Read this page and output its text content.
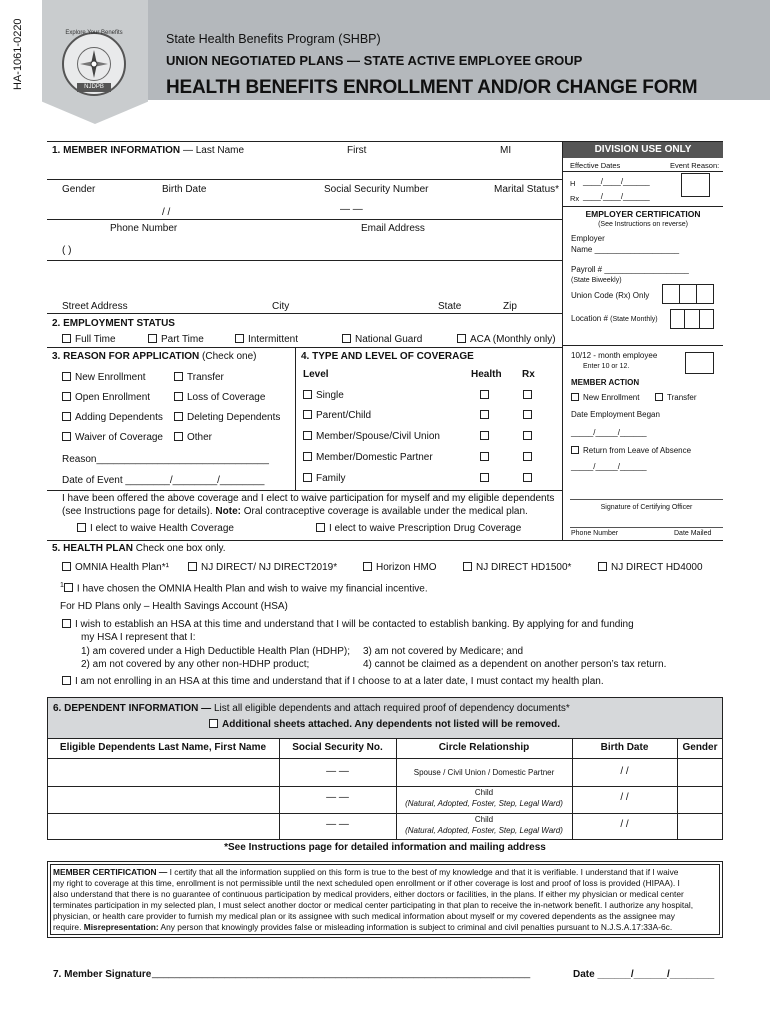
HA-1061-0220	Explore Your Benefits
NJDPB
State Health Benefits Program (SHBP)
UNION NEGOTIATED PLANS — STATE ACTIVE EMPLOYEE GROUP
HEALTH BENEFITS ENROLLMENT AND/OR CHANGE FORM
1. MEMBER INFORMATION — Last Name	First	MI
Gender	Birth Date	Social Security Number	Marital Status*
/ /	— —
Phone Number	Email Address
( )
Street Address	City	State	Zip
2. EMPLOYMENT STATUS
Full Time	Part Time	Intermittent	National Guard	ACA (Monthly only)
3. REASON FOR APPLICATION (Check one)
New Enrollment
Open Enrollment
Adding Dependents
Waiver of Coverage
Transfer
Loss of Coverage
Deleting Dependents
Other
Reason_______________________________
Date of Event ________/________/________
4. TYPE AND LEVEL OF COVERAGE
Level	Health Rx
Single
Parent/Child
Member/Spouse/Civil Union
Member/Domestic Partner
Family
I have been offered the above coverage and I elect to waive participation for myself and my eligible dependents
(see Instructions page for details). Note: Oral contraceptive coverage is available under the medical plan.
I elect to waive Health Coverage	I elect to waive Prescription Drug Coverage
DIVISION USE ONLY
Effective Dates	Event Reason:
H ____/____/______
Rx ____/____/______
EMPLOYER CERTIFICATION
(See Instructions on reverse)
Employer
Name ___________________
Payroll # ___________________
(State Biweekly)
Union Code (Rx) Only
Location # (State Monthly)
10/12 - month employee
Enter 10 or 12.
MEMBER ACTION
New Enrollment	Transfer
Date Employment Began
_____/_____/______
Return from Leave of Absence
_____/_____/______
Signature of Certifying Officer
Phone Number	Date Mailed
5. HEALTH PLAN Check one box only.
OMNIA Health Plan*¹	NJ DIRECT/ NJ DIRECT2019*	Horizon HMO	NJ DIRECT HD1500*	NJ DIRECT HD4000
$^1$ I have chosen the OMNIA Health Plan and wish to waive my financial incentive.
For HD Plans only – Health Savings Account (HSA)
I wish to establish an HSA at this time and understand that I will be contacted to establish banking. By applying for and funding
my HSA I represent that I:
1) am covered under a High Deductible Health Plan (HDHP); 3) am not covered by Medicare; and
2) am not covered by any other non-HDHP product;	4) cannot be claimed as a dependent on another person’s tax return.
I am not enrolling in an HSA at this time and understand that if I choose to at a later date, I must contact my health plan.
6. DEPENDENT INFORMATION — List all eligible dependents and attach required proof of dependency documents*
Additional sheets attached. Any dependents not listed will be removed.
Eligible Dependents Last Name, First Name	Social Security No.	Circle Relationship	Birth Date	Gender
— —	Spouse / Civil Union / Domestic Partner	/ /
— —	Child
(Natural, Adopted, Foster, Step, Legal Ward)
/ /
— —	Child
(Natural, Adopted, Foster, Step, Legal Ward)
/ /
*See Instructions page for detailed information and mailing address
MEMBER CERTIFICATION — I certify that all the information supplied on this form is true to the best of my knowledge and that it is verifiable. I understand that if I waive
my right to coverage at this time, enrollment is not permissible until the next scheduled open enrollment or if other coverage is lost and proof of loss is provided (HIPAA). I
also understand that there is no guarantee of continuous participation by medical providers, either doctors or facilities, in the plans. If either my physician or medical center
terminates participation in my selected plan, I must select another doctor or medical center participating in that plan to receive the in-network benefit. I authorize any hospital,
physician, or health care provider to furnish my medical plan or its assignee with such medical information about myself or my covered dependents as the assignee may
require. Misrepresentation: Any person that knowingly provides false or misleading information is subject to criminal and civil penalties pursuant to N.J.S.A.17:33A-6c.
7. Member Signature ____________________________________________________________________	Date ______/______/________
